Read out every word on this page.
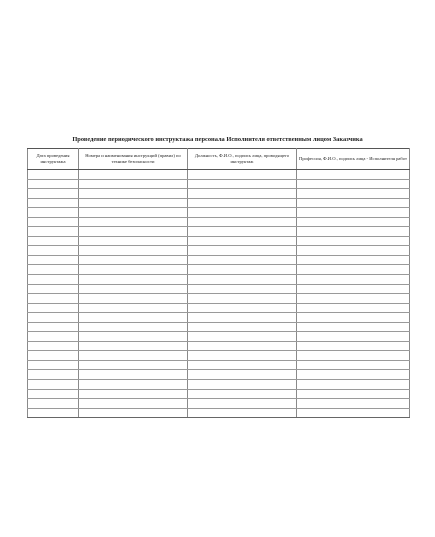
Проведение периодического инструктажа персонала Исполнителя ответственным лицом Заказчика
Дата проведения инструктажа	Номера и наименования инструкций (правил) по технике безопасности	Должность, Ф.И.О., подпись лица, проводящего инструктаж	Профессия, Ф.И.О., подпись лица - Исполнителя работ
